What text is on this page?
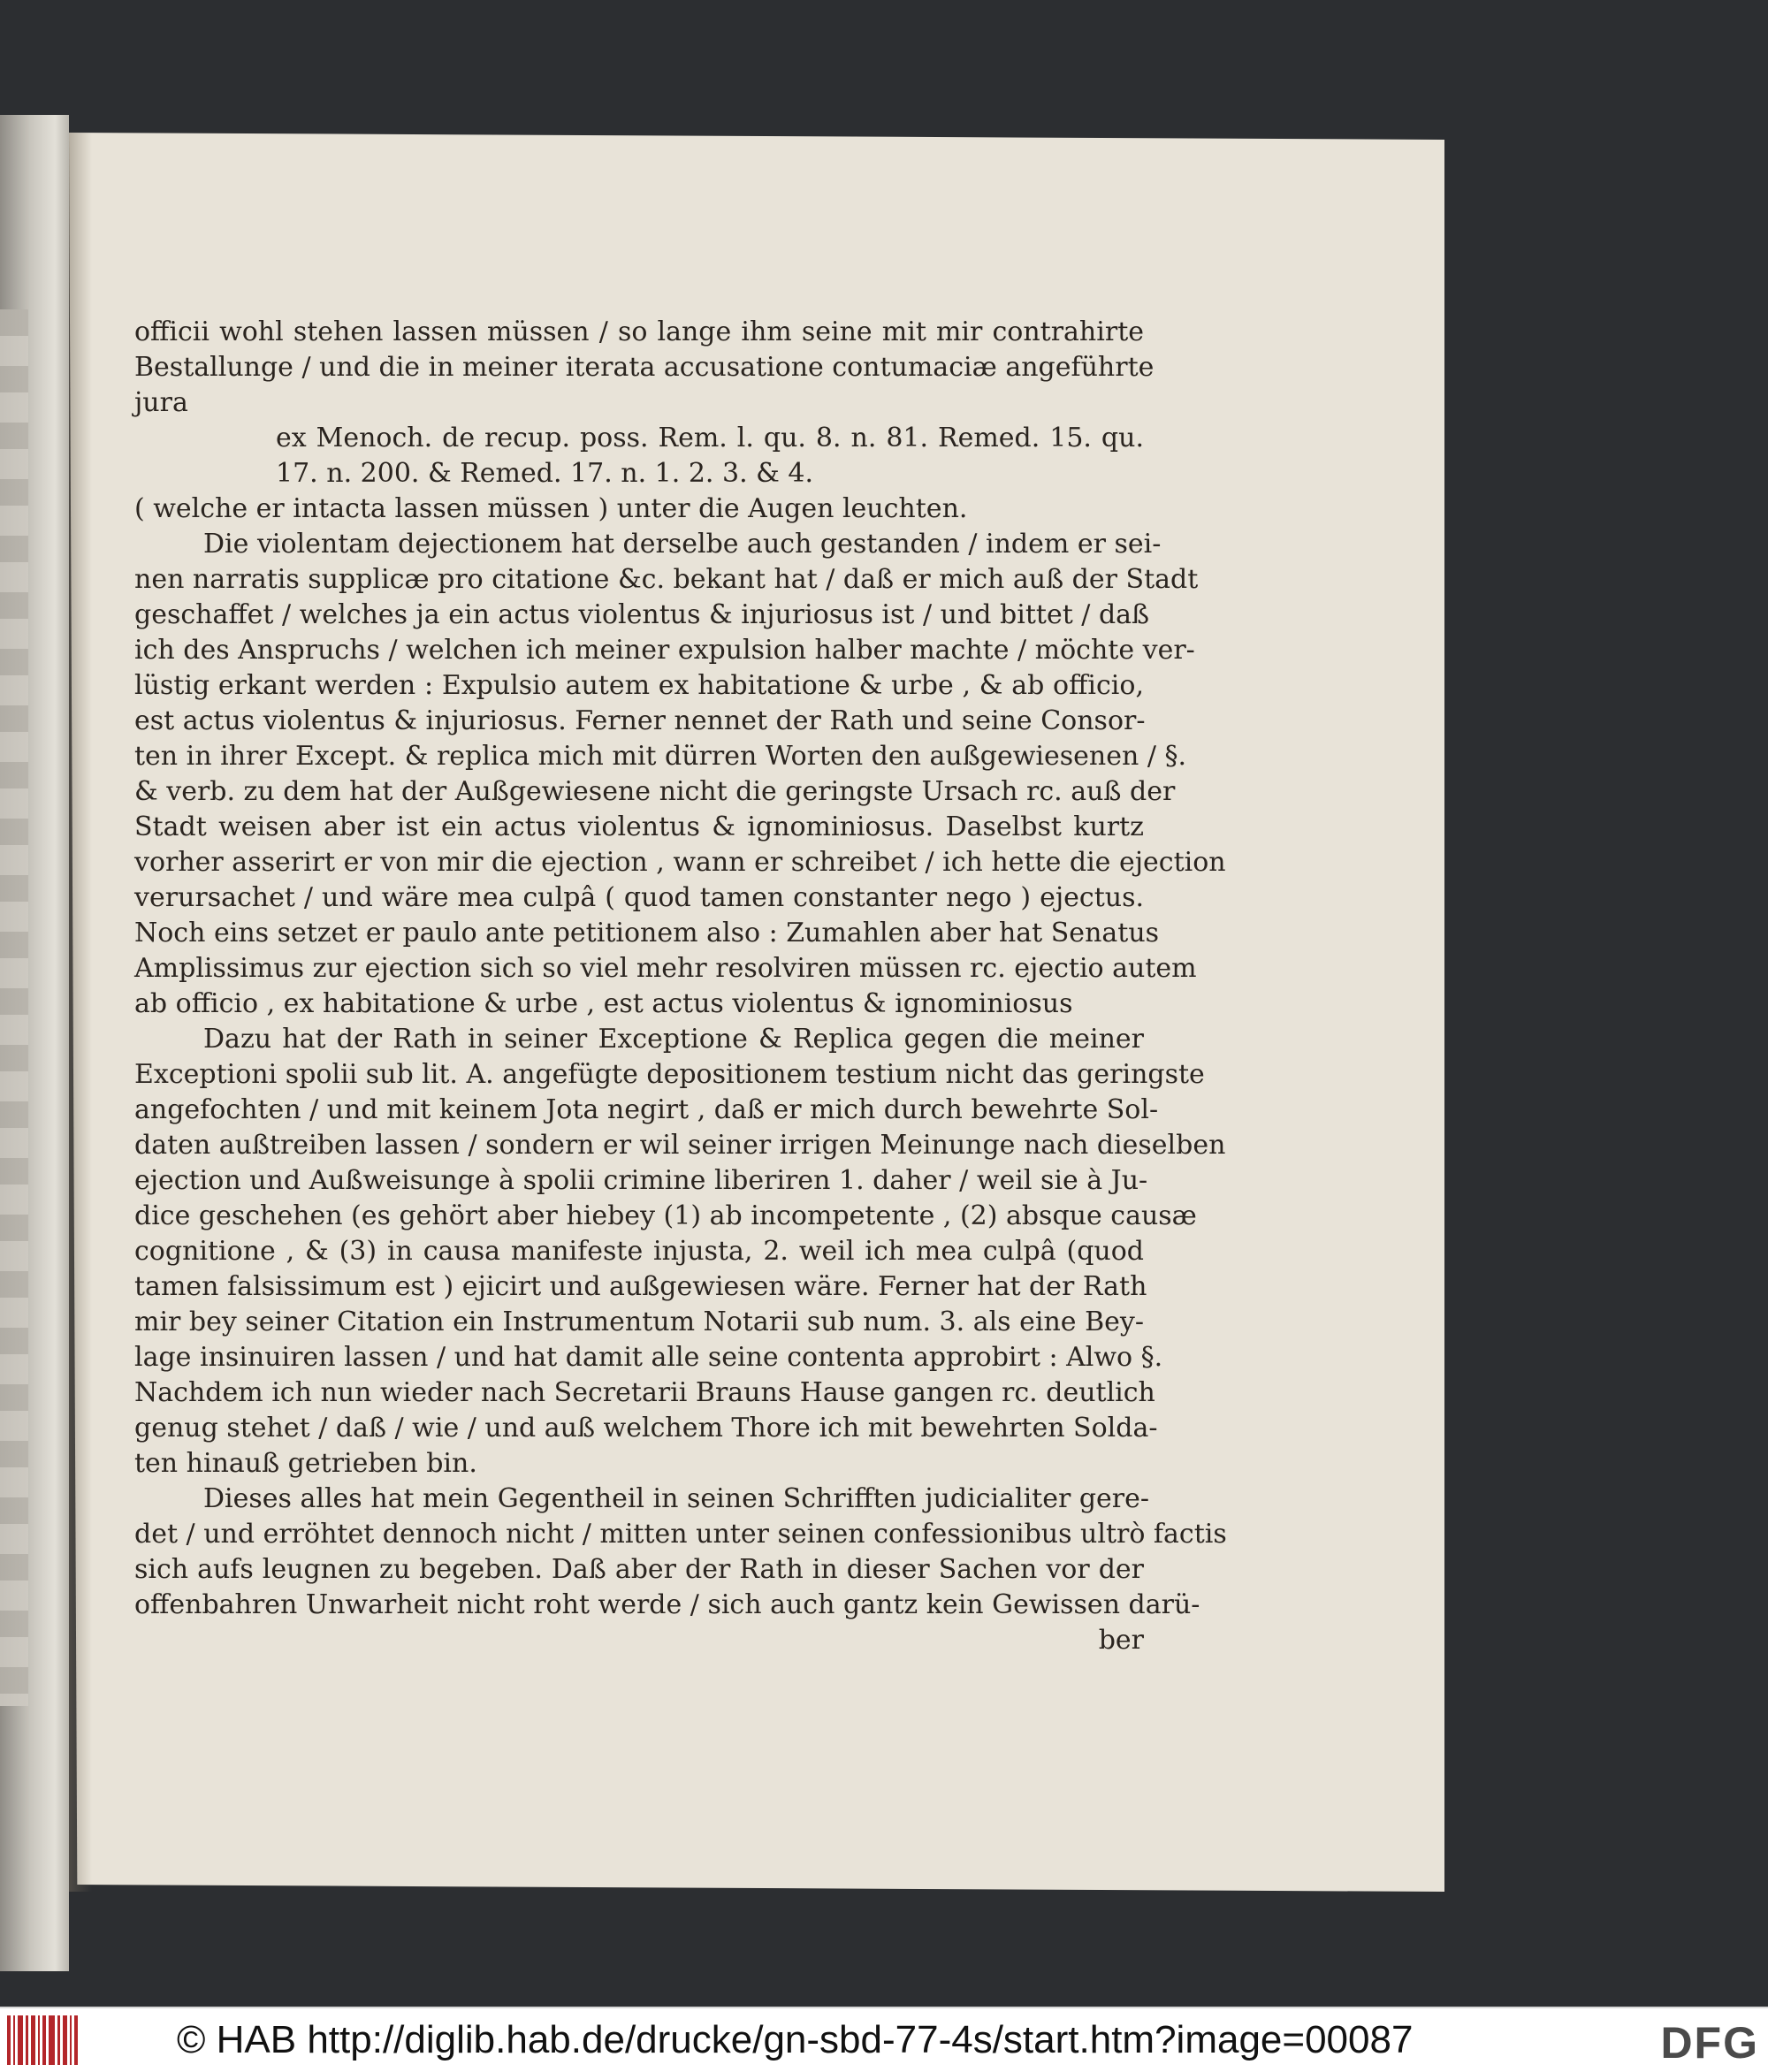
officii wohl stehen lassen müssen / so lange ihm seine mit mir contrahirte
Bestallunge / und die in meiner iterata accusatione contumaciæ angeführte
jura
ex Menoch. de recup. poss. Rem. l. qu. 8. n. 81. Remed. 15. qu.
17. n. 200. & Remed. 17. n. 1. 2. 3. & 4.
( welche er intacta lassen müssen ) unter die Augen leuchten.
Die violentam dejectionem hat derselbe auch gestanden / indem er sei-
nen narratis supplicæ pro citatione &c. bekant hat / daß er mich auß der Stadt
geschaffet / welches ja ein actus violentus & injuriosus ist / und bittet / daß
ich des Anspruchs / welchen ich meiner expulsion halber machte / möchte ver-
lüstig erkant werden : Expulsio autem ex habitatione & urbe , & ab officio,
est actus violentus & injuriosus. Ferner nennet der Rath und seine Consor-
ten in ihrer Except. & replica mich mit dürren Worten den außgewiesenen / §.
& verb. zu dem hat der Außgewiesene nicht die geringste Ursach rc. auß der
Stadt weisen aber ist ein actus violentus & ignominiosus. Daselbst kurtz
vorher asserirt er von mir die ejection , wann er schreibet / ich hette die ejection
verursachet / und wäre mea culpâ ( quod tamen constanter nego ) ejectus.
Noch eins setzet er paulo ante petitionem also : Zumahlen aber hat Senatus
Amplissimus zur ejection sich so viel mehr resolviren müssen rc. ejectio autem
ab officio , ex habitatione & urbe , est actus violentus & ignominiosus
Dazu hat der Rath in seiner Exceptione & Replica gegen die meiner
Exceptioni spolii sub lit. A. angefügte depositionem testium nicht das geringste
angefochten / und mit keinem Jota negirt , daß er mich durch bewehrte Sol-
daten außtreiben lassen / sondern er wil seiner irrigen Meinunge nach dieselben
ejection und Außweisunge à spolii crimine liberiren 1. daher / weil sie à Ju-
dice geschehen (es gehört aber hiebey (1) ab incompetente , (2) absque causæ
cognitione , & (3) in causa manifeste injusta, 2. weil ich mea culpâ (quod
tamen falsissimum est ) ejicirt und außgewiesen wäre. Ferner hat der Rath
mir bey seiner Citation ein Instrumentum Notarii sub num. 3. als eine Bey-
lage insinuiren lassen / und hat damit alle seine contenta approbirt : Alwo §.
Nachdem ich nun wieder nach Secretarii Brauns Hause gangen rc. deutlich
genug stehet / daß / wie / und auß welchem Thore ich mit bewehrten Solda-
ten hinauß getrieben bin.
Dieses alles hat mein Gegentheil in seinen Schrifften judicialiter gere-
det / und erröhtet dennoch nicht / mitten unter seinen confessionibus ultrò factis
sich aufs leugnen zu begeben. Daß aber der Rath in dieser Sachen vor der
offenbahren Unwarheit nicht roht werde / sich auch gantz kein Gewissen darü-
ber
© HAB http://diglib.hab.de/drucke/gn-sbd-77-4s/start.htm?image=00087	DFG
